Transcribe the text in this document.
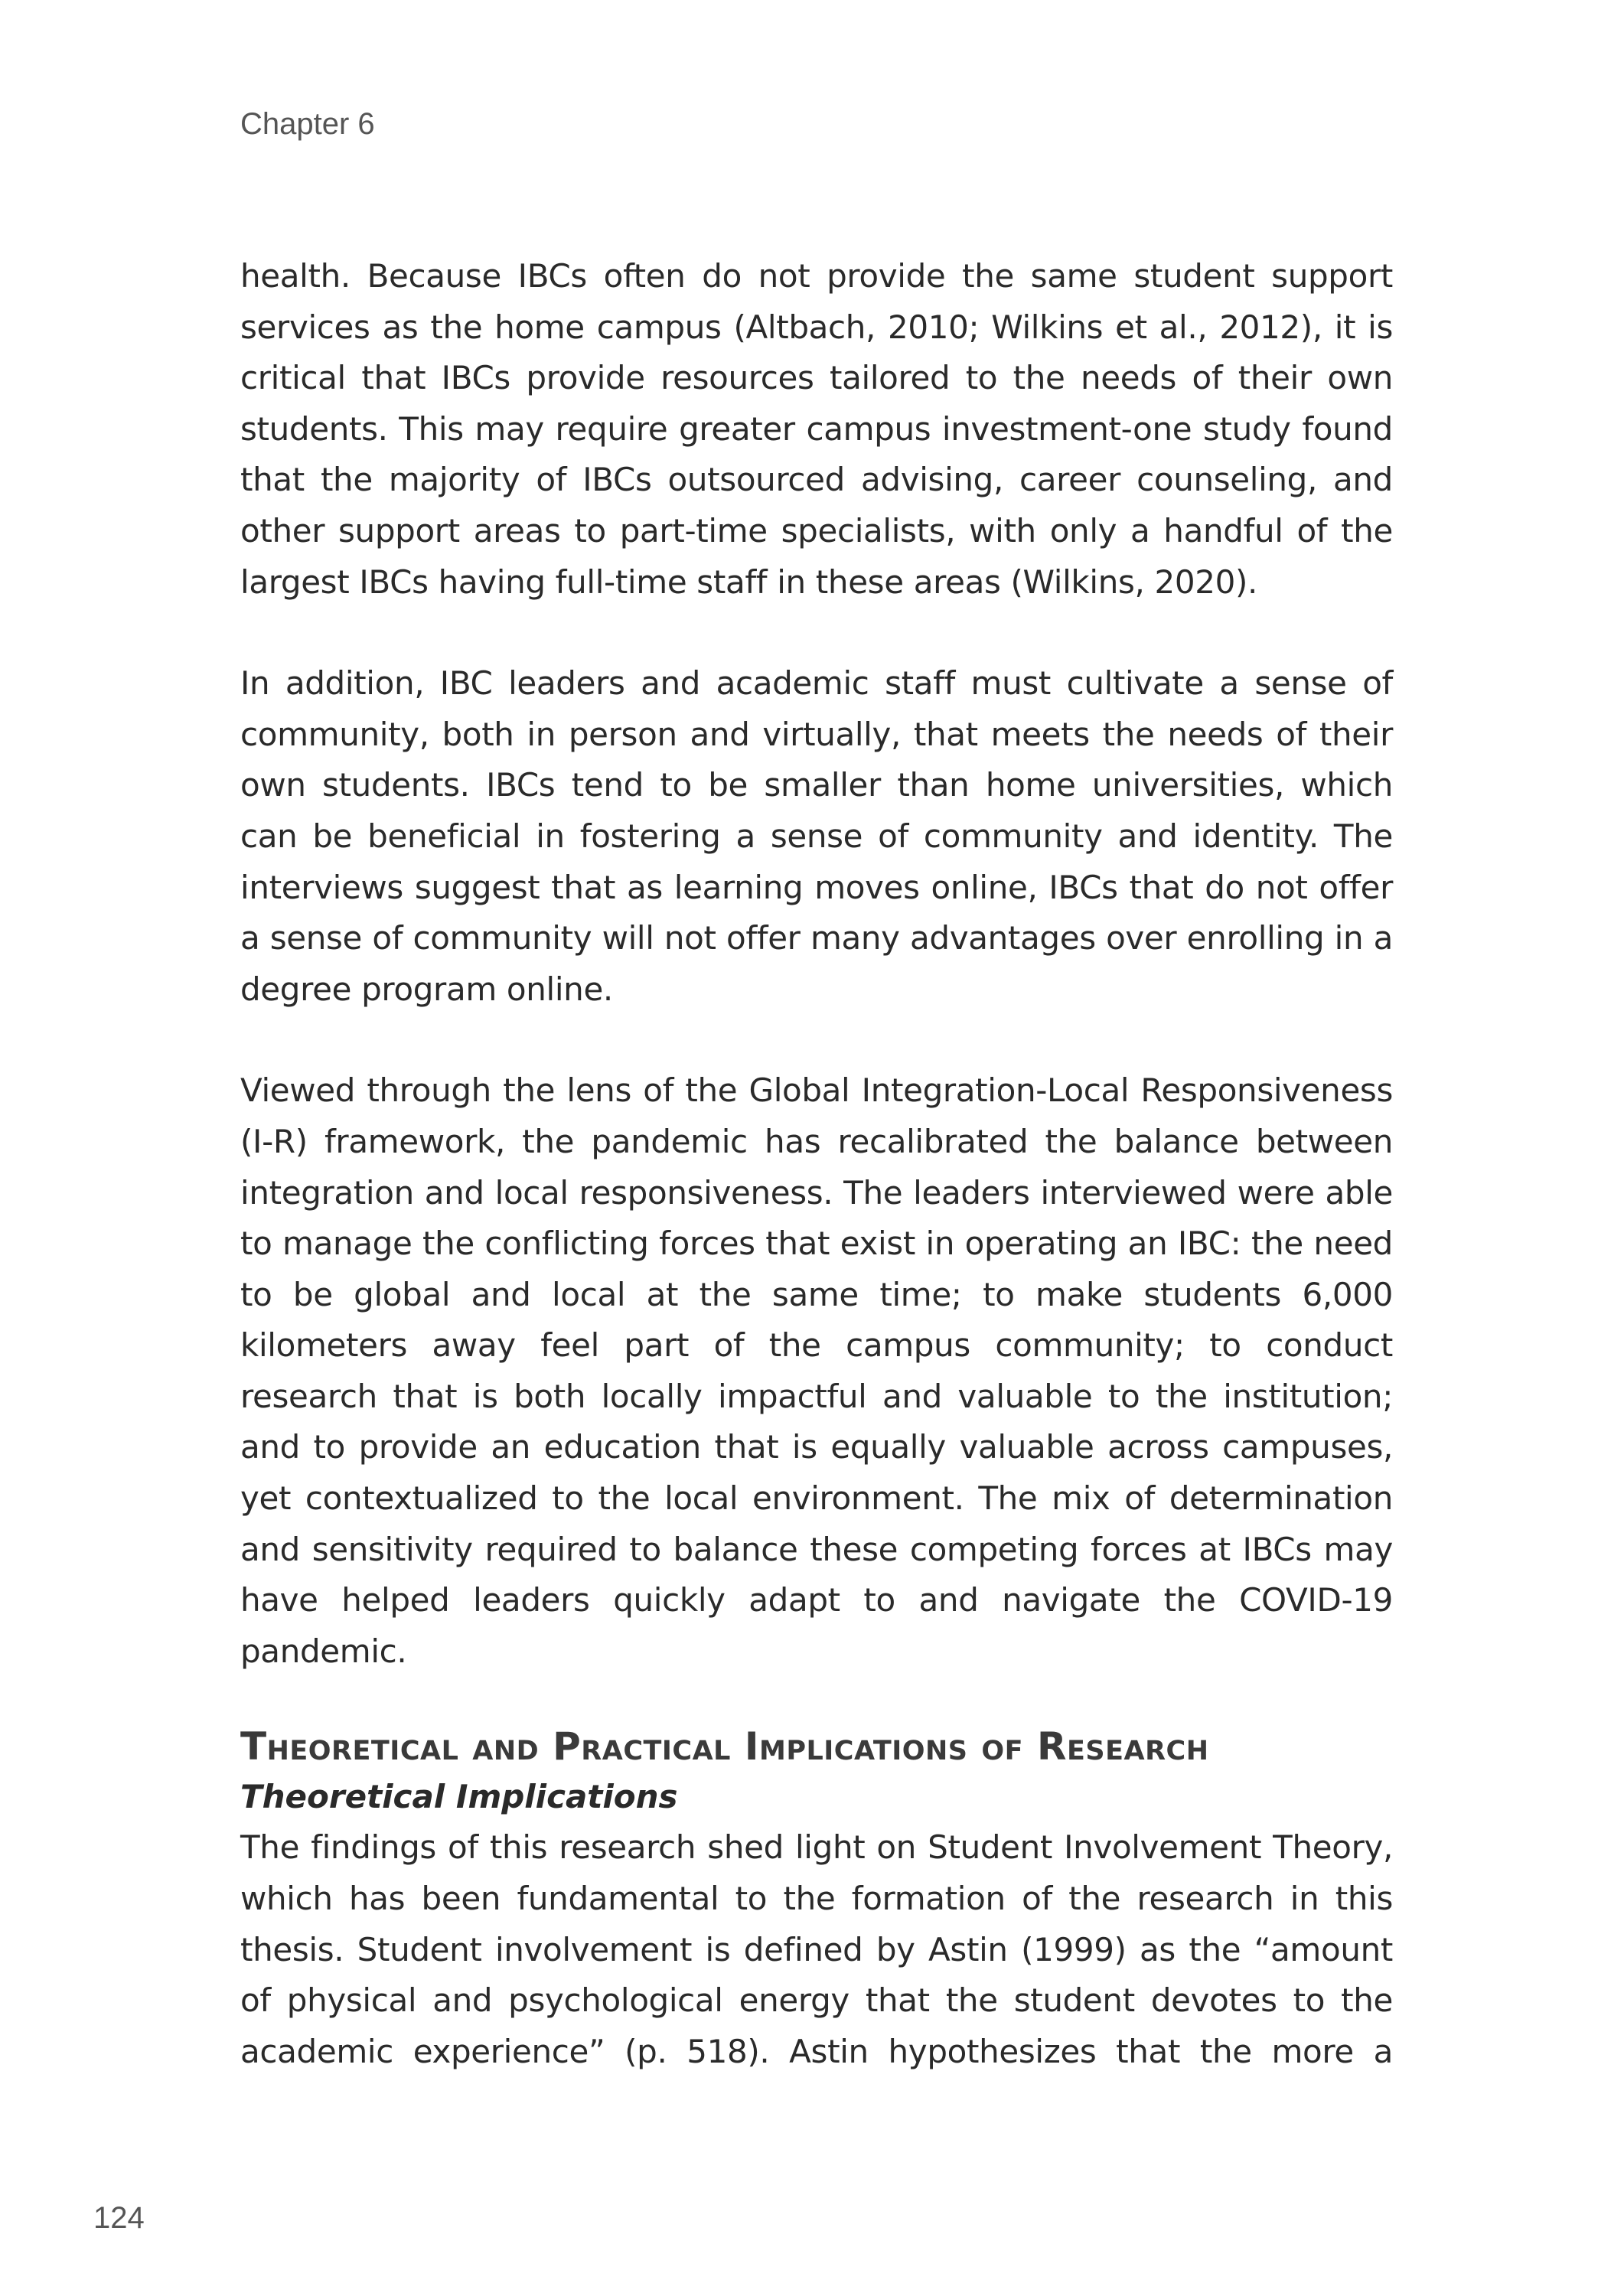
Chapter 6

health. Because IBCs often do not provide the same student support services as the home campus (Altbach, 2010; Wilkins et al., 2012), it is critical that IBCs provide resources tailored to the needs of their own students. This may require greater campus investment-one study found that the majority of IBCs outsourced advising, career counseling, and other support areas to part-time specialists, with only a handful of the largest IBCs having full-time staff in these areas (Wilkins, 2020).

In addition, IBC leaders and academic staff must cultivate a sense of community, both in person and virtually, that meets the needs of their own students. IBCs tend to be smaller than home universities, which can be beneficial in fostering a sense of community and identity. The interviews suggest that as learning moves online, IBCs that do not offer a sense of community will not offer many advantages over enrolling in a degree program online.

Viewed through the lens of the Global Integration-Local Responsiveness (I-R) framework, the pandemic has recalibrated the balance between integration and local responsiveness. The leaders interviewed were able to manage the conflicting forces that exist in operating an IBC: the need to be global and local at the same time; to make students 6,000 kilometers away feel part of the campus community; to conduct research that is both locally impactful and valuable to the institution; and to provide an education that is equally valuable across campuses, yet contextualized to the local environment. The mix of determination and sensitivity required to balance these competing forces at IBCs may have helped leaders quickly adapt to and navigate the COVID-19 pandemic.

Theoretical and Practical Implications of Research
Theoretical Implications

The findings of this research shed light on Student Involvement Theory, which has been fundamental to the formation of the research in this thesis. Student involvement is defined by Astin (1999) as the “amount of physical and psychological energy that the student devotes to the academic experience” (p. 518). Astin hypothesizes that the more a

124
